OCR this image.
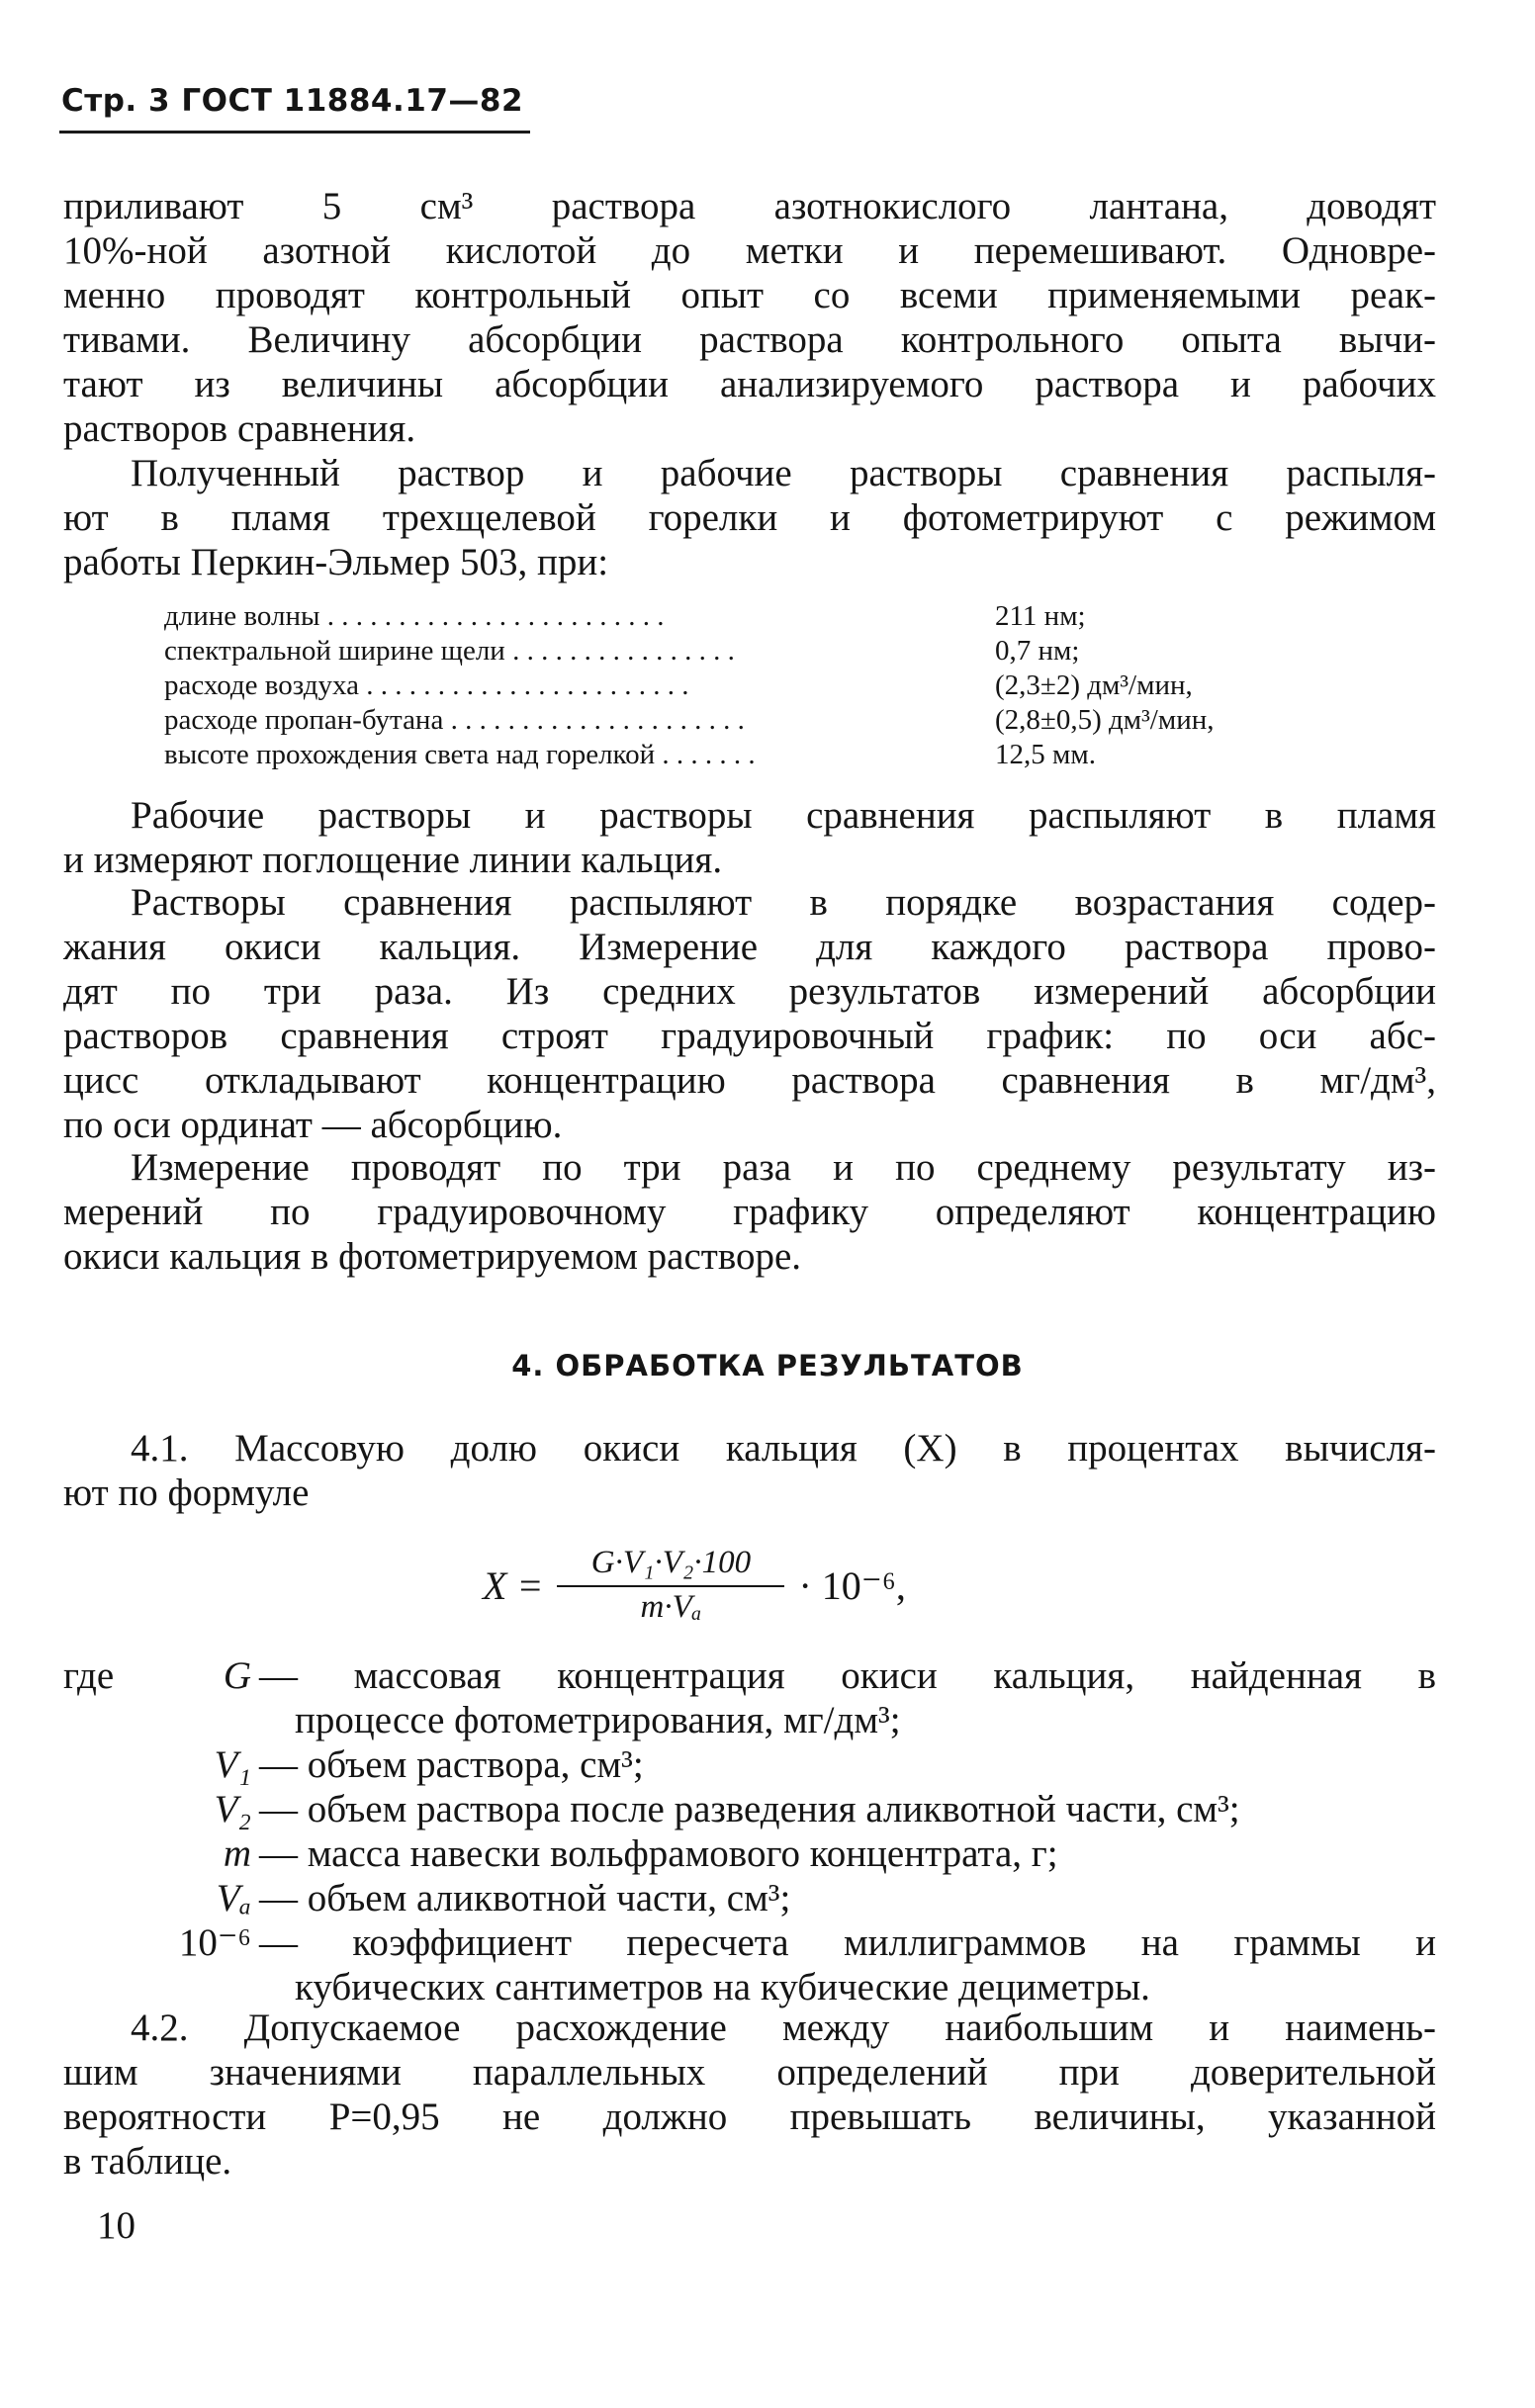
Стр. 3 ГОСТ 11884.17—82
приливают 5 см³ раствора азотнокислого лантана, доводят
10%-ной азотной кислотой до метки и перемешивают. Одновре-
менно проводят контрольный опыт со всеми применяемыми реак-
тивами. Величину абсорбции раствора контрольного опыта вычи-
тают из величины абсорбции анализируемого раствора и рабочих
растворов сравнения.
Полученный раствор и рабочие растворы сравнения распыля-
ют в пламя трехщелевой горелки и фотометрируют с режимом
работы Перкин-Эльмер 503, при:
длине волны . . . . . . . . . . . . . . . . . . . . . . . .	211 нм;
спектральной ширине щели . . . . . . . . . . . . . . . .	0,7 нм;
расходе воздуха . . . . . . . . . . . . . . . . . . . . . . .	(2,3±2) дм³/мин,
расходе пропан-бутана . . . . . . . . . . . . . . . . . . . . .	(2,8±0,5) дм³/мин,
высоте прохождения света над горелкой . . . . . . .	12,5 мм.
Рабочие растворы и растворы сравнения распыляют в пламя
и измеряют поглощение линии кальция.
Растворы сравнения распыляют в порядке возрастания содер-
жания окиси кальция. Измерение для каждого раствора прово-
дят по три раза. Из средних результатов измерений абсорбции
растворов сравнения строят градуировочный график: по оси абс-
цисс откладывают концентрацию раствора сравнения в мг/дм³,
по оси ординат — абсорбцию.
Измерение проводят по три раза и по среднему результату из-
мерений по градуировочному графику определяют концентрацию
окиси кальция в фотометрируемом растворе.
4. ОБРАБОТКА РЕЗУЛЬТАТОВ
4.1. Массовую долю окиси кальция (X) в процентах вычисля-
ют по формуле
$X = \frac{\text{G·V₁·V₂·100}}{\text{m·Vₐ}} \cdot 10^{-6}$,
где	G — массовая концентрация окиси кальция, найденная в
процессе фотометрирования, мг/дм³;
V₁ — объем раствора, см³;
V₂ — объем раствора после разведения аликвотной части, см³;
m — масса навески вольфрамового концентрата, г;
Vₐ — объем аликвотной части, см³;
10⁻⁶ — коэффициент пересчета миллиграммов на граммы и
кубических сантиметров на кубические дециметры.
4.2. Допускаемое расхождение между наибольшим и наимень-
шим значениями параллельных определений при доверительной
вероятности P=0,95 не должно превышать величины, указанной
в таблице.
10
